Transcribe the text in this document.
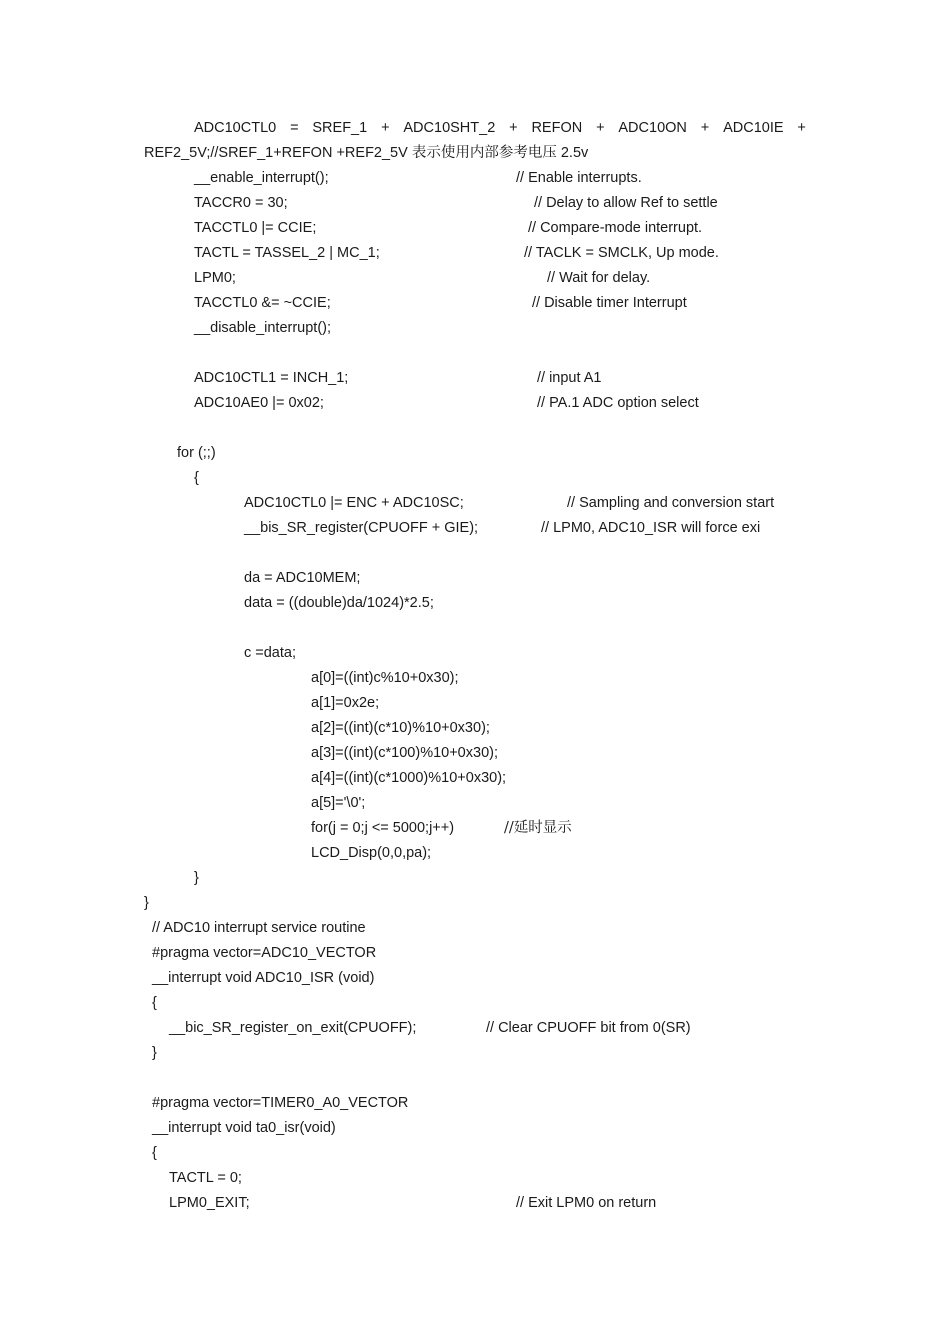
ADC10CTL0 = SREF_1 + ADC10SHT_2 + REFON + ADC10ON + ADC10IE +
REF2_5V;//SREF_1+REFON +REF2_5V 表示使用内部参考电压 2.5v
__enable_interrupt();	// Enable interrupts.
TACCR0 = 30;	// Delay to allow Ref to settle
TACCTL0 |= CCIE;	// Compare-mode interrupt.
TACTL = TASSEL_2 | MC_1;	// TACLK = SMCLK, Up mode.
LPM0;	// Wait for delay.
TACCTL0 &= ~CCIE;	// Disable timer Interrupt
__disable_interrupt();
ADC10CTL1 = INCH_1;	// input A1
ADC10AE0 |= 0x02;	// PA.1 ADC option select
for (;;)
{
ADC10CTL0 |= ENC + ADC10SC;	// Sampling and conversion start
__bis_SR_register(CPUOFF + GIE);	// LPM0, ADC10_ISR will force exi
da = ADC10MEM;
data = ((double)da/1024)*2.5;
c =data;
a[0]=((int)c%10+0x30);
a[1]=0x2e;
a[2]=((int)(c*10)%10+0x30);
a[3]=((int)(c*100)%10+0x30);
a[4]=((int)(c*1000)%10+0x30);
a[5]='\0';
for(j = 0;j <= 5000;j++)	//延时显示
LCD_Disp(0,0,pa);
}
}
// ADC10 interrupt service routine
#pragma vector=ADC10_VECTOR
__interrupt void ADC10_ISR (void)
{
__bic_SR_register_on_exit(CPUOFF);	// Clear CPUOFF bit from 0(SR)
}
#pragma vector=TIMER0_A0_VECTOR
__interrupt void ta0_isr(void)
{
TACTL = 0;
LPM0_EXIT;	// Exit LPM0 on return
